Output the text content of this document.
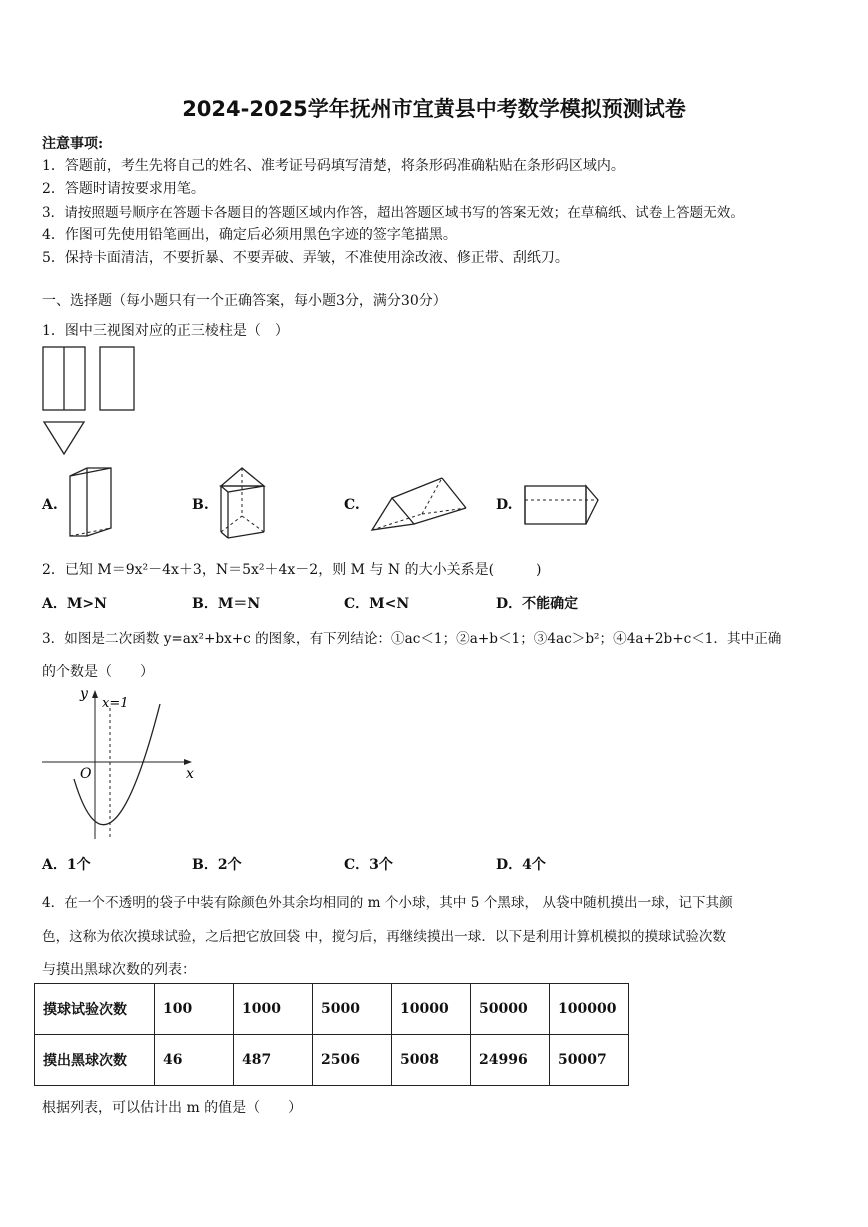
2024-2025学年抚州市宜黄县中考数学模拟预测试卷
注意事项:
1．答题前，考生先将自己的姓名、准考证号码填写清楚，将条形码准确粘贴在条形码区域内。
2．答题时请按要求用笔。
3．请按照题号顺序在答题卡各题目的答题区域内作答，超出答题区域书写的答案无效；在草稿纸、试卷上答题无效。
4．作图可先使用铅笔画出，确定后必须用黑色字迹的签字笔描黑。
5．保持卡面清洁，不要折暴、不要弄破、弄皱，不准使用涂改液、修正带、刮纸刀。
一、选择题（每小题只有一个正确答案，每小题3分，满分30分）
1．图中三视图对应的正三棱柱是（　）
A.	B.	C.	D.
2．已知 M＝9x²－4x＋3，N＝5x²＋4x－2，则 M 与 N 的大小关系是(　　　)
A．M>N	B．M＝N	C．M<N	D．不能确定
3．如图是二次函数 y=ax²+bx+c 的图象，有下列结论：①ac＜1；②a+b＜1；③4ac＞b²；④4a+2b+c＜1．其中正确
的个数是（　　）
y
x
O
x=1
A．1个	B．2个	C．3个	D．4个
4．在一个不透明的袋子中装有除颜色外其余均相同的 m 个小球，其中 5 个黑球， 从袋中随机摸出一球，记下其颜
色，这称为依次摸球试验，之后把它放回袋 中，搅匀后，再继续摸出一球．以下是利用计算机模拟的摸球试验次数
与摸出黑球次数的列表：
摸球试验次数	100	1000	5000	10000	50000	100000
摸出黑球次数	46	487	2506	5008	24996	50007
根据列表，可以估计出 m 的值是（　　）
